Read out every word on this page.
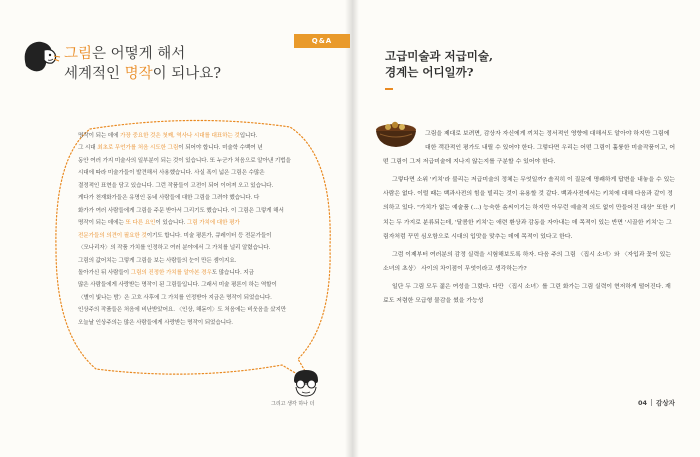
Q&A
그림은 어떻게 해서
세계적인 명작이 되나요?
명작이 되는 데에 가장 중요한 것은 첫째, 역사나 시대를 대표하는 것입니다.
그 시대 최초로 무언가를 처음 시도한 그림이 되어야 합니다. 미술학 수백여 년
동안 여러 가지 미술사의 일부분이 되는 것이 있습니다. 또 누군가 처음으로 알아낸 기법을
시대에 따라 미술가들이 발견해서 사용했습니다. 사실 폭이 넓은 그림은 수많은
결정적인 표현을 담고 있습니다. 그런 작품들이 고전이 되어 이어져 오고 있습니다.
게다가 천재화가들은 유명인 동네 사람들에 대한 그림을 그려야 했습니다. 다
화가가 여러 사람들에게 그림을 주문 받아서 그리기도 했습니다. 이 그림은 그렇게 해서
명작이 되는 데에는 또 다른 요인이 있습니다. 그림 가치에 대한 평가
전문가들의 의견이 필요한 것이기도 합니다. 미술 평론가, 큐레이터 등 전문가들이
〈모나리자〉의 작품 가치를 인정하고 여러 분야에서 그 가치를 널리 알렸습니다.
그림의 값어치는 그렇게 그림을 보는 사람들의 눈이 만든 셈이지요.
돌아가신 뒤 사람들이 그림의 진정한 가치를 알아본 경우도 많습니다. 지금
많은 사람들에게 사랑받는 명작이 된 그림들입니다. 그래서 미술 평론이 하는 역할이
〈별이 빛나는 밤〉은 고흐 사후에 그 가치를 인정받아 지금은 명작이 되었습니다.
인상주의 작품들은 처음에 비난받았어요. 〈인상, 해돋이〉도 처음에는 비웃음을 샀지만
오늘날 인상주의는 많은 사람들에게 사랑받는 명작이 되었습니다.
그리고 생각 하나 더
고급미술과 저급미술,
경계는 어디일까?

그림을 제대로 보려면, 감상자 자신에게 끼치는 정서적인 영향에 대해서도 알아야 하지만 그림에 대한 객관적인 평가도 내릴 수 있어야 한다. 그렇다면 우리는 어떤 그림이 훌륭한 미술작품이고, 어떤 그림이 그저 저급미술에 지나지 않는지를 구분할 수 있어야 한다.

그렇다면 소위 '키치'라 불리는 저급미술의 정체는 무엇일까? 솔직히 이 질문에 명쾌하게 답변을 내놓을 수 있는 사람은 없다. 이럴 때는 백과사전의 힘을 빌리는 것이 유용할 것 같다. 백과사전에서는 키치에 대해 다음과 같이 정의하고 있다. "가치가 없는 예술품 (…) 능숙한 솜씨이기는 하지만 아무런 예술적 의도 없이 만들어진 대상" 또한 키치는 두 가지로 분류되는데, '달콤한 키치'는 애련 환상과 감동을 자아내는 데 목적이 있는 반면 '시끌한 키치'는 그림자처럼 꾸민 심오함으로 시대의 입맛을 맞추는 데에 목적이 있다고 한다.

그럼 이제부터 여러분의 감정 실력을 시험해보도록 하자. 다음 주의 그림 〈집시 소녀〉와 〈자입과 꽃이 있는 소녀의 초상〉 사이의 차이점이 무엇이라고 생각하는가?

일단 두 그림 모두 젊은 여성을 그렸다. 다만 〈집시 소녀〉를 그린 화가는 그림 실력이 현저하게 떨어진다. 재료도 저렴한 모급형 물감을 썼을 가능성

04 감상자
